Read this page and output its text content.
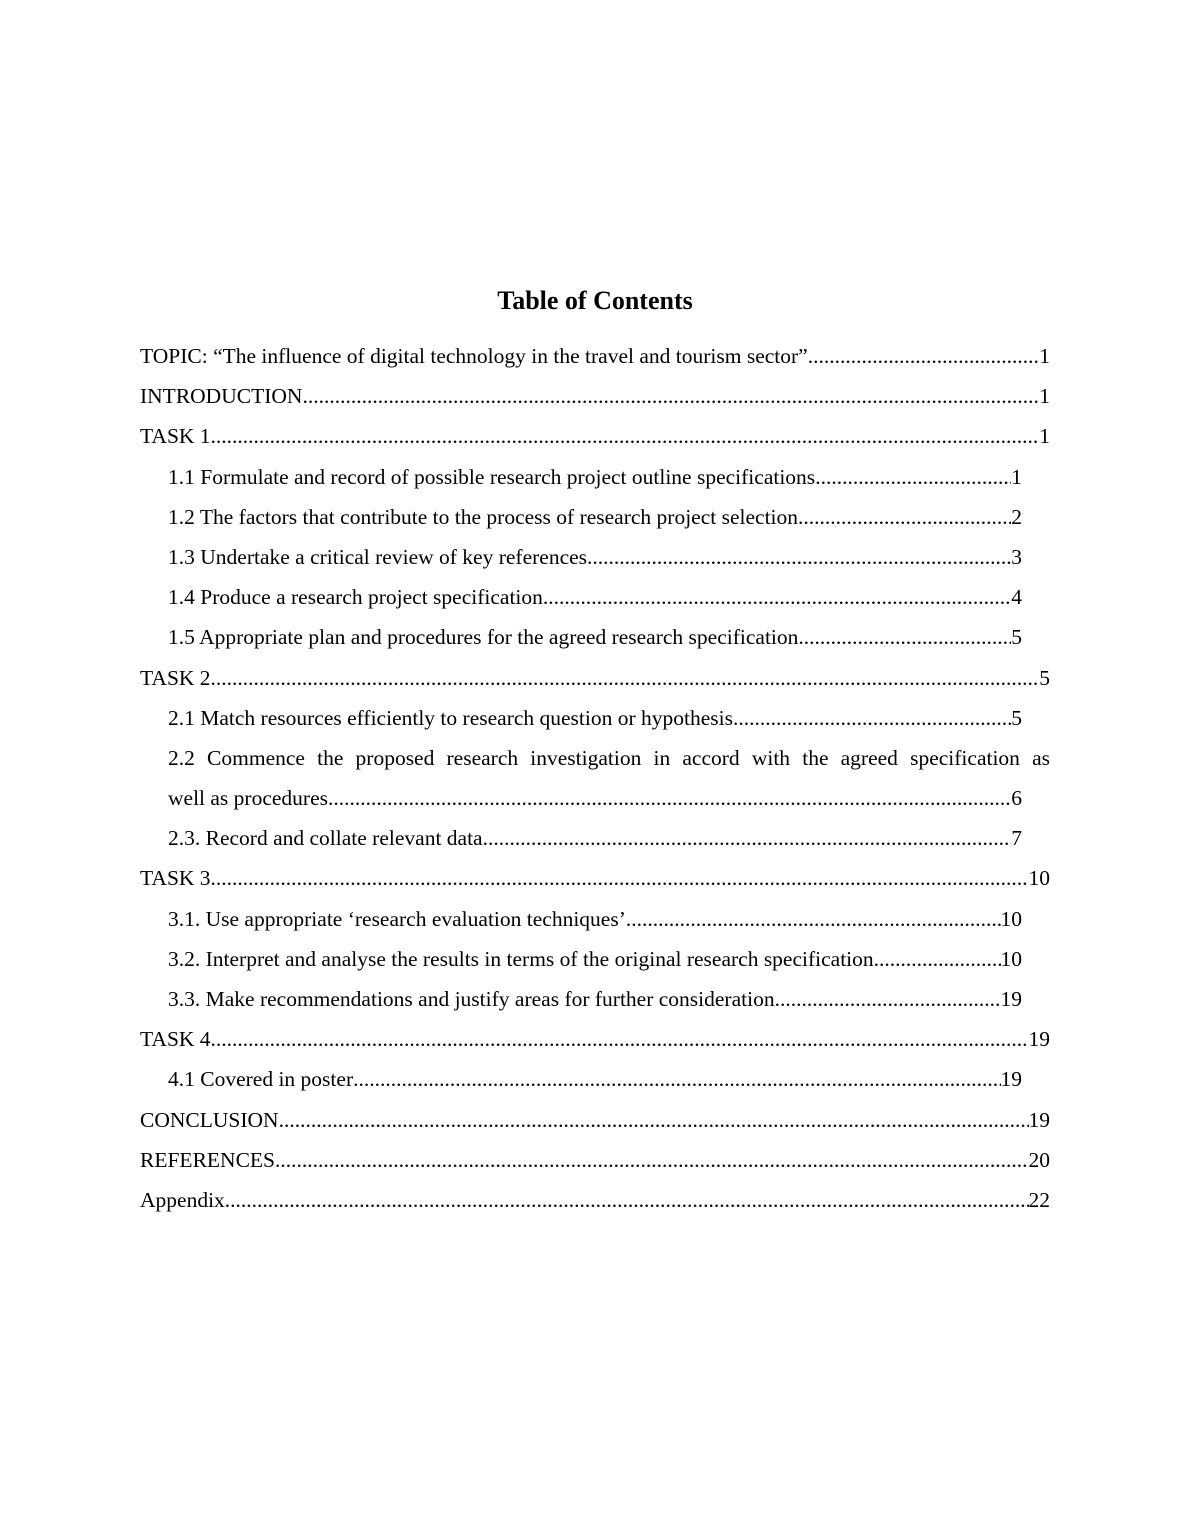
Table of Contents
TOPIC: “The influence of digital technology in the travel and tourism sector” .....	1
INTRODUCTION .....	1
TASK 1 .....	1
1.1 Formulate and record of possible research project outline specifications .....	1
1.2 The factors that contribute to the process of research project selection .....	2
1.3 Undertake a critical review of key references .....	3
1.4 Produce a research project specification .....	4
1.5 Appropriate plan and procedures for the agreed research specification .....	5
TASK 2 .....	5
2.1 Match resources efficiently to research question or hypothesis .....	5
2.2 Commence the proposed research investigation in accord with the agreed specification as
well as procedures .....	6
2.3. Record and collate relevant data .....	7
TASK 3 .....	10
3.1. Use appropriate ‘research evaluation techniques’ .....	10
3.2. Interpret and analyse the results in terms of the original research specification .....	10
3.3. Make recommendations and justify areas for further consideration .....	19
TASK 4 .....	19
4.1 Covered in poster .....	19
CONCLUSION .....	19
REFERENCES .....	20
Appendix .....	22
